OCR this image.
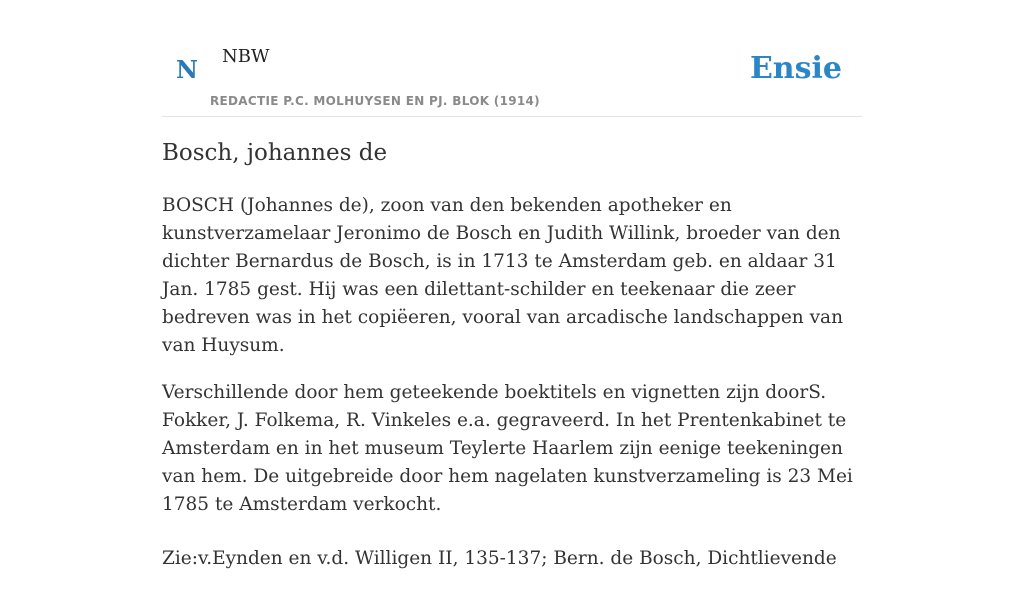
N NBW
REDACTIE P.C. MOLHUYSEN EN PJ. BLOK (1914)
Ensie
Bosch, johannes de

BOSCH (Johannes de), zoon van den bekenden apotheker en kunstverzamelaar Jeronimo de Bosch en Judith Willink, broeder van den dichter Bernardus de Bosch, is in 1713 te Amsterdam geb. en aldaar 31 Jan. 1785 gest. Hij was een dilettant-schilder en teekenaar die zeer bedreven was in het copiëeren, vooral van arcadische landschappen van van Huysum.

Verschillende door hem geteekende boektitels en vignetten zijn doorS. Fokker, J. Folkema, R. Vinkeles e.a. gegraveerd. In het Prentenkabinet te Amsterdam en in het museum Teylerte Haarlem zijn eenige teekeningen van hem. De uitgebreide door hem nagelaten kunstverzameling is 23 Mei 1785 te Amsterdam verkocht.

Zie:v.Eynden en v.d. Willigen II, 135-137; Bern. de Bosch, Dichtlievende
